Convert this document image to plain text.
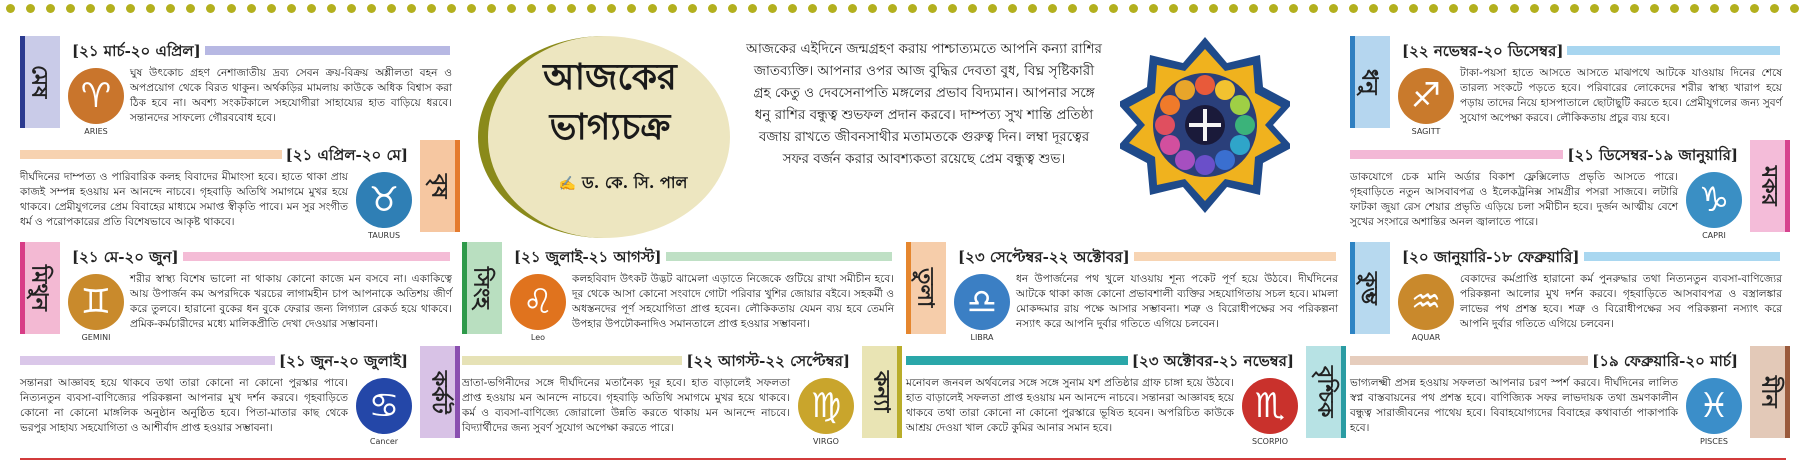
আজকের
ভাগ্যচক্র
✍ ড. কে. সি. পাল
আজকের এইদিনে জন্মগ্রহণ করায় পাশ্চাত্যমতে আপনি কন্যা রাশির জাতব্যক্তি। আপনার ওপর আজ বুদ্ধির দেবতা বুধ, বিঘ্ন সৃষ্টিকারী গ্রহ কেতু ও দেবসেনাপতি মঙ্গলের প্রভাব বিদ্যমান। আপনার সঙ্গে ধনু রাশির বন্ধুত্ব শুভফল প্রদান করবে। দাম্পত্য সুখ শান্তি প্রতিষ্ঠা বজায় রাখতে জীবনসাথীর মতামতকে গুরুত্ব দিন। লম্বা দূরত্বের সফর বর্জন করার আবশ্যকতা রয়েছে প্রেম বন্ধুত্ব শুভ।
মেষ
[২১ মার্চ-২০ এপ্রিল]
♈
ARIES
ঘুষ উৎকোচ গ্রহণ নেশাজাতীয় দ্রব্য সেবন ক্রয়-বিক্রয় অশ্লীলতা বহন ও অপপ্রয়োগ থেকে বিরত থাকুন। অর্থকড়ির মামলায় কাউকে অধিক বিশ্বাস করা ঠিক হবে না। অবশ্য সংকটকালে সহযোগীরা সাহায্যের হাত বাড়িয়ে ধরবে। সন্তানদের সাফল্যে গৌরববোধ হবে।
বৃষ
[২১ এপ্রিল-২০ মে]
♉
TAURUS
দীর্ঘদিনের দাম্পত্য ও পারিবারিক কলহ বিবাদের মীমাংসা হবে। হাতে থাকা প্রায় কাজই সম্পন্ন হওয়ায় মন আনন্দে নাচবে। গৃহবাড়ি অতিথি সমাগমে মুখর হয়ে থাকবে। প্রেমীযুগলের প্রেম বিবাহের মাধ্যমে সমাপ্ত স্বীকৃতি পাবে। মন সুর সংগীত ধর্ম ও পরোপকারের প্রতি বিশেষভাবে আকৃষ্ট থাকবে।
মিথুন
[২১ মে-২০ জুন]
♊
GEMINI
শরীর স্বাস্থ্য বিশেষ ভালো না থাকায় কোনো কাজে মন বসবে না। একাকিত্বে আয় উপার্জন কম অপরদিকে খরচের লাগামহীন চাপ আপনাকে অতিশয় জীর্ণ করে তুলবে। হারানো বুকের ধন বুকে ফেরার জন্য লিগ্যাল রেকর্ড হয়ে থাকবে। প্রমিক-কর্মচারীদের মধ্যে মালিকপ্রীতি দেখা দেওয়ার সম্ভাবনা।
কর্কট
[২১ জুন-২০ জুলাই]
♋
Cancer
সন্তানরা আজ্ঞাবহ হয়ে থাকবে তথা তারা কোনো না কোনো পুরস্কার পাবে। নিত্যনতুন ব্যবসা-বাণিজ্যের পরিকল্পনা আপনার মুখ দর্শন করবে। গৃহবাড়িতে কোনো না কোনো মাঙ্গলিক অনুষ্ঠান অনুষ্ঠিত হবে। পিতা-মাতার কাছ থেকে ভরপুর সাহায্য সহযোগিতা ও আশীর্বাদ প্রাপ্ত হওয়ার সম্ভাবনা।
সিংহ
[২১ জুলাই-২১ আগস্ট]
♌
Leo
কলহবিবাদ উৎকট উদ্ভট ঝামেলা এড়াতে নিজেকে গুটিয়ে রাখা সমীচীন হবে। দূর থেকে আসা কোনো সংবাদে গোটা পরিবার খুশির জোয়ার বইবে। সহকর্মী ও অধস্তনদের পূর্ণ সহযোগিতা প্রাপ্ত হবেন। লৌকিকতায় যেমন ব্যয় হবে তেমনি উপহার উপঢৌকনাদিও সমানতালে প্রাপ্ত হওয়ার সম্ভাবনা।
কন্যা
[২২ আগস্ট-২২ সেপ্টেম্বর]
♍
VIRGO
ভ্রাতা-ভগিনীদের সঙ্গে দীর্ঘদিনের মতানৈক্য দূর হবে। হাত বাড়ালেই সফলতা প্রাপ্ত হওয়ায় মন আনন্দে নাচবে। গৃহবাড়ি অতিথি সমাগমে মুখর হয়ে থাকবে। কর্ম ও ব্যবসা-বাণিজ্যে জোরালো উন্নতি করতে থাকায় মন আনন্দে নাচবে। বিদ্যার্থীদের জন্য সুবর্ণ সুযোগ অপেক্ষা করতে পারে।
তুলা
[২৩ সেপ্টেম্বর-২২ অক্টোবর]
♎
LIBRA
ধন উপার্জনের পথ খুলে যাওয়ায় শূন্য পকেট পূর্ণ হয়ে উঠবে। দীর্ঘদিনের আটকে থাকা কাজ কোনো প্রভাবশালী ব্যক্তির সহযোগিতায় সচল হবে। মামলা মোকদ্দমার রায় পক্ষে আসার সম্ভাবনা। শত্রু ও বিরোধীপক্ষের সব পরিকল্পনা নস্যাৎ করে আপনি দুর্বার গতিতে এগিয়ে চলবেন।
বৃশ্চিক
[২৩ অক্টোবর-২১ নভেম্বর]
♏
SCORPIO
মনোবল জনবল অর্থবলের সঙ্গে সঙ্গে সুনাম যশ প্রতিষ্ঠার গ্রাফ চাঙ্গা হয়ে উঠবে। হাত বাড়ালেই সফলতা প্রাপ্ত হওয়ায় মন আনন্দে নাচবে। সন্তানরা আজ্ঞাবহ হয়ে থাকবে তথা তারা কোনো না কোনো পুরস্কারে ভূষিত হবেন। অপরিচিত কাউকে আশ্রয় দেওয়া খাল কেটে কুমির আনার সমান হবে।
ধনু
[২২ নভেম্বর-২০ ডিসেম্বর]
♐
SAGITT
টাকা-পয়সা হাতে আসতে আসতে মাঝপথে আটকে যাওয়ায় দিনের শেষে তারল্য সংকটে পড়তে হবে। পরিবারের লোকেদের শরীর স্বাস্থ্য খারাপ হয়ে পড়ায় তাদের নিয়ে হাসপাতালে ছোটাছুটি করতে হবে। প্রেমীযুগলের জন্য সুবর্ণ সুযোগ অপেক্ষা করবে। লৌকিকতায় প্রচুর ব্যয় হবে।
মকর
[২১ ডিসেম্বর-১৯ জানুয়ারি]
♑
CAPRI
ডাকযোগে চেক মানি অর্ডার বিকাশ ফ্লেক্সিলোড প্রভৃতি আসতে পারে। গৃহবাড়িতে নতুন আসবাবপত্র ও ইলেকট্রনিক্স সামগ্রীর পসরা সাজবে। লটারি ফাটকা জুয়া রেস শেয়ার প্রভৃতি এড়িয়ে চলা সমীচীন হবে। দুর্জন আত্মীয় বেশে সুখের সংসারে অশান্তির অনল জ্বালাতে পারে।
কুম্ভ
[২০ জানুয়ারি-১৮ ফেব্রুয়ারি]
♒
AQUAR
বেকাদের কর্মপ্রাপ্তি হারানো কর্ম পুনরুদ্ধার তথা নিত্যনতুন ব্যবসা-বাণিজ্যের পরিকল্পনা আলোর মুখ দর্শন করবে। গৃহবাড়িতে আসবাবপত্র ও বস্ত্রালঙ্কার লাভের পথ প্রশস্ত হবে। শত্রু ও বিরোধীপক্ষের সব পরিকল্পনা নস্যাৎ করে আপনি দুর্বার গতিতে এগিয়ে চলবেন।
মীন
[১৯ ফেব্রুয়ারি-২০ মার্চ]
♓
PISCES
ভাগ্যলক্ষ্মী প্রসন্ন হওয়ায় সফলতা আপনার চরণ স্পর্শ করবে। দীর্ঘদিনের লালিত স্বপ্ন বাস্তবায়নের পথ প্রশস্ত হবে। বাণিজ্যিক সফর লাভদায়ক তথা ভ্রমণকালীন বন্ধুত্ব সারাজীবনের পাথেয় হবে। বিবাহযোগ্যদের বিবাহের কথাবার্তা পাকাপাকি হবে।
